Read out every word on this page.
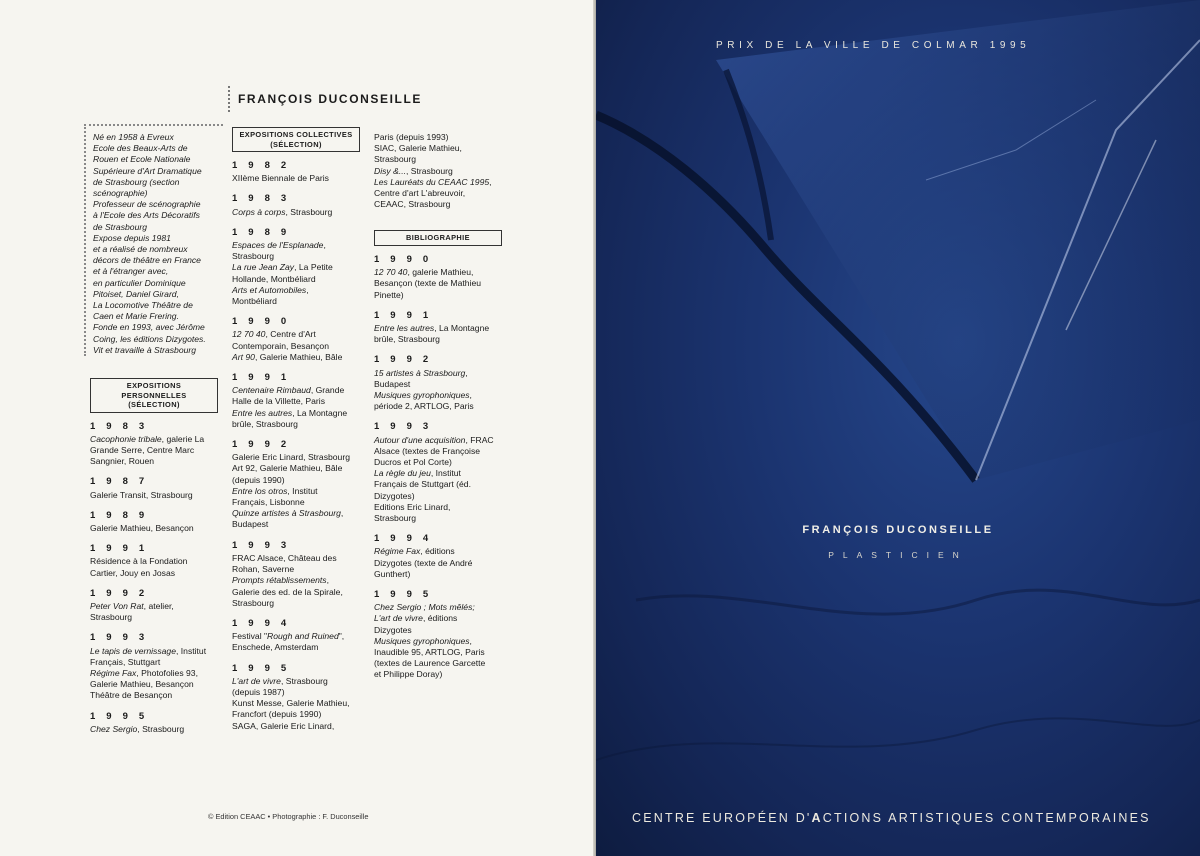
FRANÇOIS DUCONSEILLE
Né en 1958 à Evreux
Ecole des Beaux-Arts de
Rouen et Ecole Nationale
Supérieure d'Art Dramatique
de Strasbourg (section
scénographie)
Professeur de scénographie
à l'Ecole des Arts Décoratifs
de Strasbourg
Expose depuis 1981
et a réalisé de nombreux
décors de théâtre en France
et à l'étranger avec,
en particulier Dominique
Pitoiset, Daniel Girard,
La Locomotive Théâtre de
Caen et Marie Frering.
Fonde en 1993, avec Jérôme
Coing, les éditions Dizygotes.
Vit et travaille à Strasbourg
EXPOSITIONS PERSONNELLES (SÉLECTION)
1983
Cacophonie tribale, galerie La
Grande Serre, Centre Marc
Sangnier, Rouen
1987
Galerie Transit, Strasbourg
1989
Galerie Mathieu, Besançon
1991
Résidence à la Fondation
Cartier, Jouy en Josas
1992
Peter Von Rat, atelier,
Strasbourg
1993
Le tapis de vernissage, Institut
Français, Stuttgart
Régime Fax, Photofolies 93,
Galerie Mathieu, Besançon
Théâtre de Besançon
1995
Chez Sergio, Strasbourg
EXPOSITIONS COLLECTIVES (SÉLECTION)
1982
XIIème Biennale de Paris
1983
Corps à corps, Strasbourg
1989
Espaces de l'Esplanade,
Strasbourg
La rue Jean Zay, La Petite
Hollande, Montbéliard
Arts et Automobiles,
Montbéliard
1990
12 70 40, Centre d'Art
Contemporain, Besançon
Art 90, Galerie Mathieu, Bâle
1991
Centenaire Rimbaud, Grande
Halle de la Villette, Paris
Entre les autres, La Montagne
brûle, Strasbourg
1992
Galerie Eric Linard, Strasbourg
Art 92, Galerie Mathieu, Bâle
(depuis 1990)
Entre los otros, Institut
Français, Lisbonne
Quinze artistes à Strasbourg,
Budapest
1993
FRAC Alsace, Château des
Rohan, Saverne
Prompts rétablissements,
Galerie des ed. de la Spirale,
Strasbourg
1994
Festival "Rough and Ruined",
Enschede, Amsterdam
1995
L'art de vivre, Strasbourg
(depuis 1987)
Kunst Messe, Galerie Mathieu,
Francfort (depuis 1990)
SAGA, Galerie Eric Linard,
Paris (depuis 1993)
SIAC, Galerie Mathieu,
Strasbourg
Disy &..., Strasbourg
Les Lauréats du CEAAC 1995,
Centre d'art L'abreuvoir,
CEAAC, Strasbourg
BIBLIOGRAPHIE
1990
12 70 40, galerie Mathieu,
Besançon (texte de Mathieu
Pinette)
1991
Entre les autres, La Montagne
brûle, Strasbourg
1992
15 artistes à Strasbourg,
Budapest
Musiques gyrophoniques,
période 2, ARTLOG, Paris
1993
Autour d'une acquisition, FRAC
Alsace (textes de Françoise
Ducros et Pol Corte)
La règle du jeu, Institut
Français de Stuttgart (éd.
Dizygotes)
Editions Eric Linard,
Strasbourg
1994
Régime Fax, éditions
Dizygotes (texte de André
Gunthert)
1995
Chez Sergio ; Mots mêlés;
L'art de vivre, éditions
Dizygotes
Musiques gyrophoniques,
Inaudible 95, ARTLOG, Paris
(textes de Laurence Garcette
et Philippe Doray)
© Edition CEAAC • Photographie : F. Duconseille
PRIX DE LA VILLE DE COLMAR 1995
FRANÇOIS DUCONSEILLE
PLASTICIEN
CENTRE EUROPÉEN D'ACTIONS ARTISTIQUES CONTEMPORAINES
